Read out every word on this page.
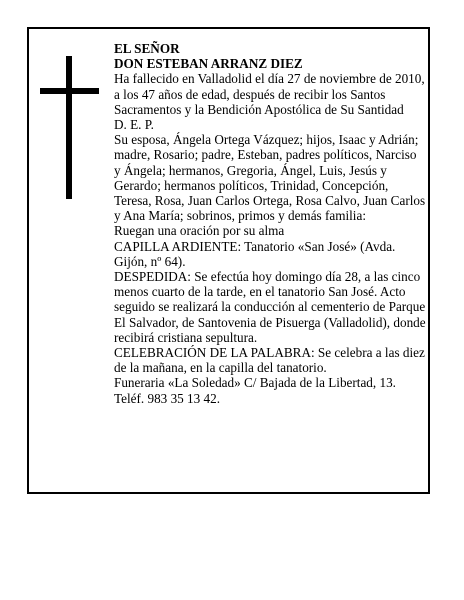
EL SEÑOR

DON ESTEBAN ARRANZ DIEZ

Ha fallecido en Valladolid el día 27 de noviembre de 2010, a los 47 años de edad, después de recibir los Santos Sacramentos y la Bendición Apostólica de Su Santidad

D. E. P.

Su esposa, Ángela Ortega Vázquez; hijos, Isaac y Adrián; madre, Rosario; padre, Esteban, padres políticos, Narciso y Ángela; hermanos, Gregoria, Ángel, Luis, Jesús y Gerardo; hermanos políticos, Trinidad, Concepción, Teresa, Rosa, Juan Carlos Ortega, Rosa Calvo, Juan Carlos y Ana María; sobrinos, primos y demás familia:

Ruegan una oración por su alma

CAPILLA ARDIENTE: Tanatorio «San José» (Avda. Gijón, nº 64).

DESPEDIDA: Se efectúa hoy domingo día 28, a las cinco menos cuarto de la tarde, en el tanatorio San José. Acto seguido se realizará la conducción al cementerio de Parque El Salvador, de Santovenia de Pisuerga (Valladolid), donde recibirá cristiana sepultura.

CELEBRACIÓN DE LA PALABRA: Se celebra a las diez de la mañana, en la capilla del tanatorio.

Funeraria «La Soledad» C/ Bajada de la Libertad, 13. Teléf. 983 35 13 42.
